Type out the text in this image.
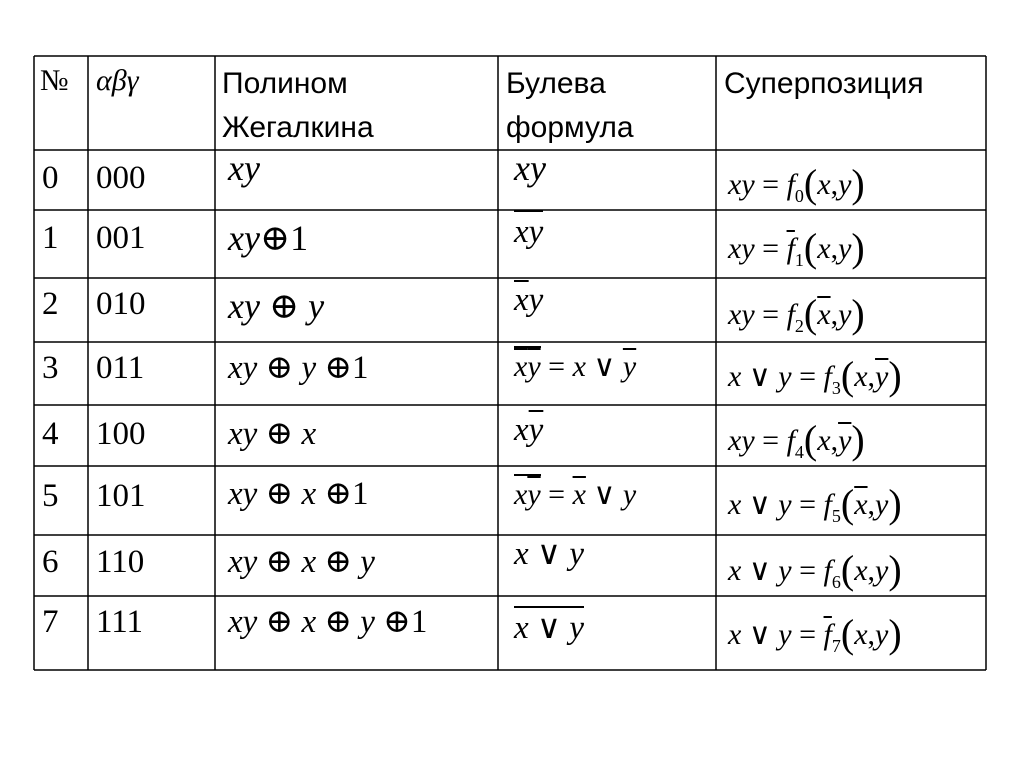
№ αβγ	Полином Жегалкина
Булева формула
Суперпозиция
0 000
1 001
2 010
3 011
4 100
5 101
6 110
7 111
xy
xy⊕1
xy ⊕ y
xy ⊕ y ⊕1
xy ⊕ x
xy ⊕ x ⊕1
xy ⊕ x ⊕ y
xy ⊕ x ⊕ y ⊕1
xy
xy
$\overline{x}y$
$\overline{x}\overline{y} = x$ ∨ $\overline{y}$
$x\overline{y}$
$x\overline{y} = \overline{x}$ ∨ y
x ∨ y
x ∨ y
xy = $f_0(x,y)$
xy = $\overline{f}_1(x,y)$
xy = $f_2(\overline{x},y)$
x ∨ $y = f_3(x,\overline{y})$
xy = $f_4(x,\overline{y})$
x ∨ $y = f_5(\overline{x},y)$
x ∨ $y = f_6(x,y)$
x ∨ $y = \overline{f}_7(x,y)$
